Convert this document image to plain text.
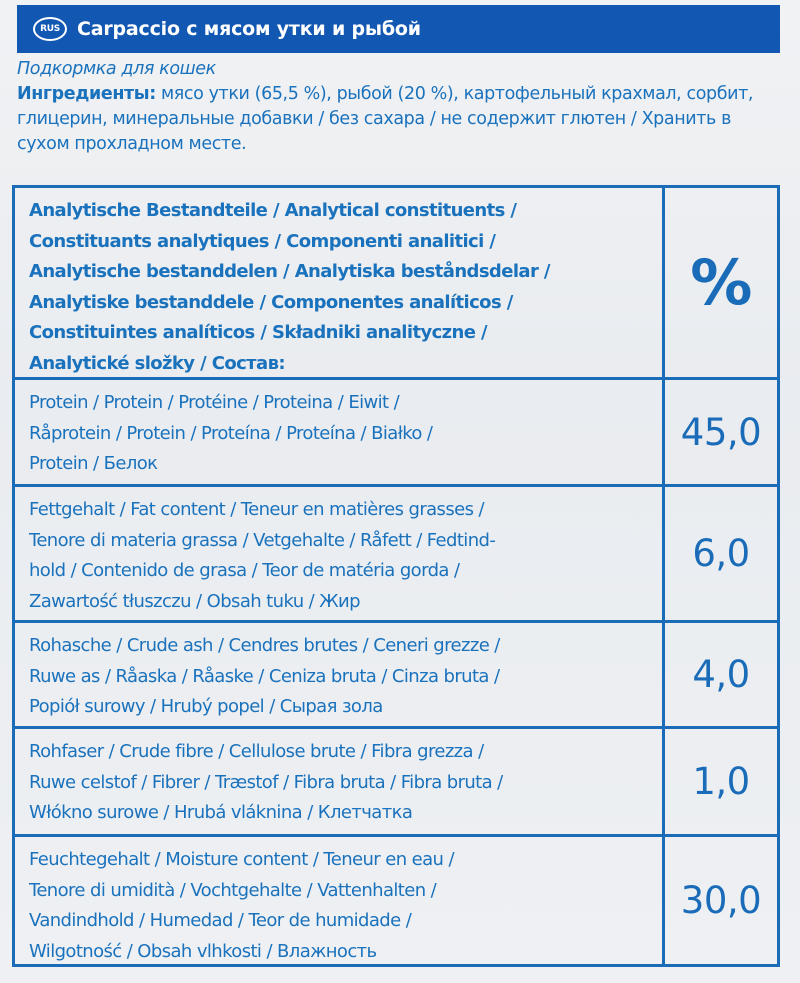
RUS Carpaccio с мясом утки и рыбой
Подкормка для кошек
Ингредиенты: мясо утки (65,5 %), рыбой (20 %), картофельный крахмал, сорбит, глицерин, минеральные добавки / без сахара / не содержит глютен / Хранить в сухом прохладном месте.
Analytische Bestandteile / Analytical constituents /
Constituants analytiques / Componenti analitici /
Analytische bestanddelen / Analytiska beståndsdelar /
Analytiske bestanddele / Componentes analíticos /
Constituintes analíticos / Składniki analityczne /
Analytické složky / Состав:
%
Protein / Protein / Protéine / Proteina / Eiwit /
Råprotein / Protein / Proteína / Proteína / Białko /
Protein / Белок
45,0
Fettgehalt / Fat content / Teneur en matières grasses /
Tenore di materia grassa / Vetgehalte / Råfett / Fedtind-
hold / Contenido de grasa / Teor de matéria gorda /
Zawartość tłuszczu / Obsah tuku / Жир
6,0
Rohasche / Crude ash / Cendres brutes / Ceneri grezze /
Ruwe as / Råaska / Råaske / Ceniza bruta / Cinza bruta /
Popiół surowy / Hrubý popel / Сырая зола
4,0
Rohfaser / Crude fibre / Cellulose brute / Fibra grezza /
Ruwe celstof / Fibrer / Træstof / Fibra bruta / Fibra bruta /
Włókno surowe / Hrubá vláknina / Клетчатка
1,0
Feuchtegehalt / Moisture content / Teneur en eau /
Tenore di umidità / Vochtgehalte / Vattenhalten /
Vandindhold / Humedad / Teor de humidade /
Wilgotność / Obsah vlhkosti / Влажность
30,0
